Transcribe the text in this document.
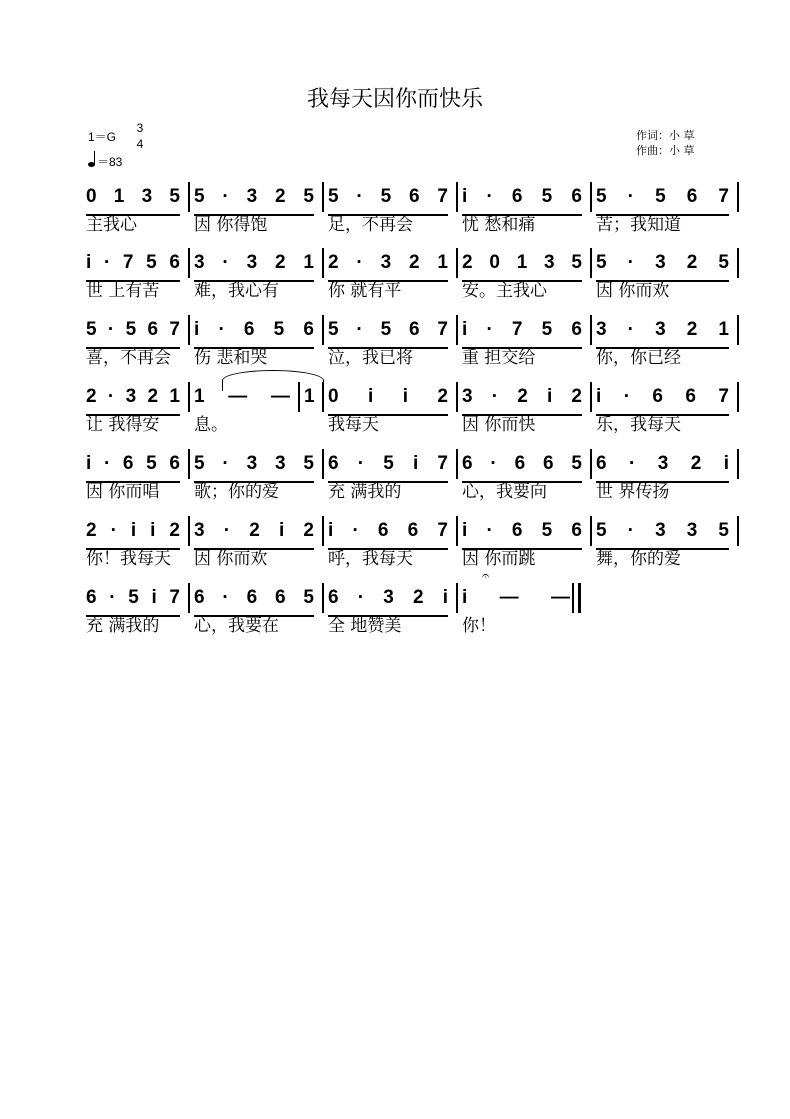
我每天因你而快乐
1＝G
3
4
＝83
作词：小 草
作曲：小 草
0 1 3 5
主我心
5 · 3 2 5
因 你得饱
5 · 5 6 7
足，不再会
i · 6 5 6
忧 愁和痛
5 · 5 6 7
苦；我知道
i · 7 5 6
世 上有苦
3 · 3 2 1
难，我心有
2 · 3 2 1
你 就有平
2 0 1 3 5
安。主我心
5 · 3 2 5
因 你而欢
5 · 5 6 7
喜，不再会
i · 6 5 6
伤 悲和哭
5 · 5 6 7
泣，我已将
i · 7 5 6
重 担交给
3 · 3 2 1
你，你已经
2 · 3 2 1
让 我得安
1 — —
息。
1 0 i i 2
我每天
3 · 2 i 2
因 你而快
i · 6 6 7
乐，我每天
i · 6 5 6
因 你而唱
5 · 3 3 5
歌；你的爱
6 · 5 i 7
充 满我的
6 · 6 6 5
心，我要向
6 · 3 2 i
世 界传扬
2 · i i 2
你！我每天
3 · 2 i 2
因 你而欢
i · 6 6 7
呼，我每天
i · 6 5 6
因 你而跳
5 · 3 3 5
舞，你的爱
6 · 5 i 7
充 满我的
6 · 6 6 5
心，我要在
6 · 3 2 i
全 地赞美
i — —
你！
𝄐
